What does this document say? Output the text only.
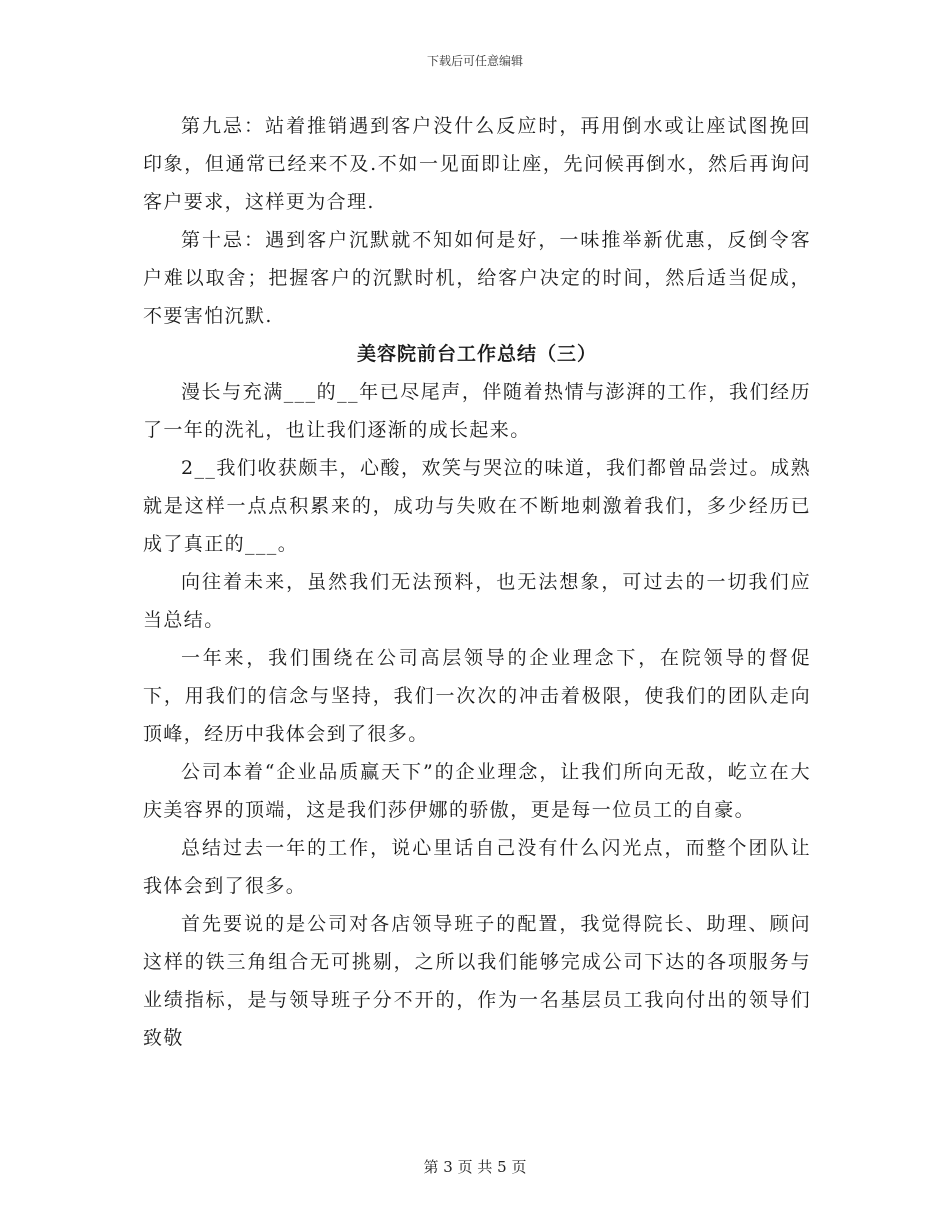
下载后可任意编辑

第九忌：站着推销遇到客户没什么反应时，再用倒水或让座试图挽回印象，但通常已经来不及.不如一见面即让座，先问候再倒水，然后再询问客户要求，这样更为合理.

第十忌：遇到客户沉默就不知如何是好，一味推举新优惠，反倒令客户难以取舍；把握客户的沉默时机，给客户决定的时间，然后适当促成，不要害怕沉默.

美容院前台工作总结（三）

漫长与充满___的__年已尽尾声，伴随着热情与澎湃的工作，我们经历了一年的洗礼，也让我们逐渐的成长起来。

2__我们收获颇丰，心酸，欢笑与哭泣的味道，我们都曾品尝过。成熟就是这样一点点积累来的，成功与失败在不断地刺激着我们，多少经历已成了真正的___。

向往着未来，虽然我们无法预料，也无法想象，可过去的一切我们应当总结。

一年来，我们围绕在公司高层领导的企业理念下，在院领导的督促下，用我们的信念与坚持，我们一次次的冲击着极限，使我们的团队走向顶峰，经历中我体会到了很多。

公司本着“企业品质赢天下”的企业理念，让我们所向无敌，屹立在大庆美容界的顶端，这是我们莎伊娜的骄傲，更是每一位员工的自豪。

总结过去一年的工作，说心里话自己没有什么闪光点，而整个团队让我体会到了很多。

首先要说的是公司对各店领导班子的配置，我觉得院长、助理、顾问这样的铁三角组合无可挑剔，之所以我们能够完成公司下达的各项服务与业绩指标，是与领导班子分不开的，作为一名基层员工我向付出的领导们致敬

第 3 页 共 5 页
